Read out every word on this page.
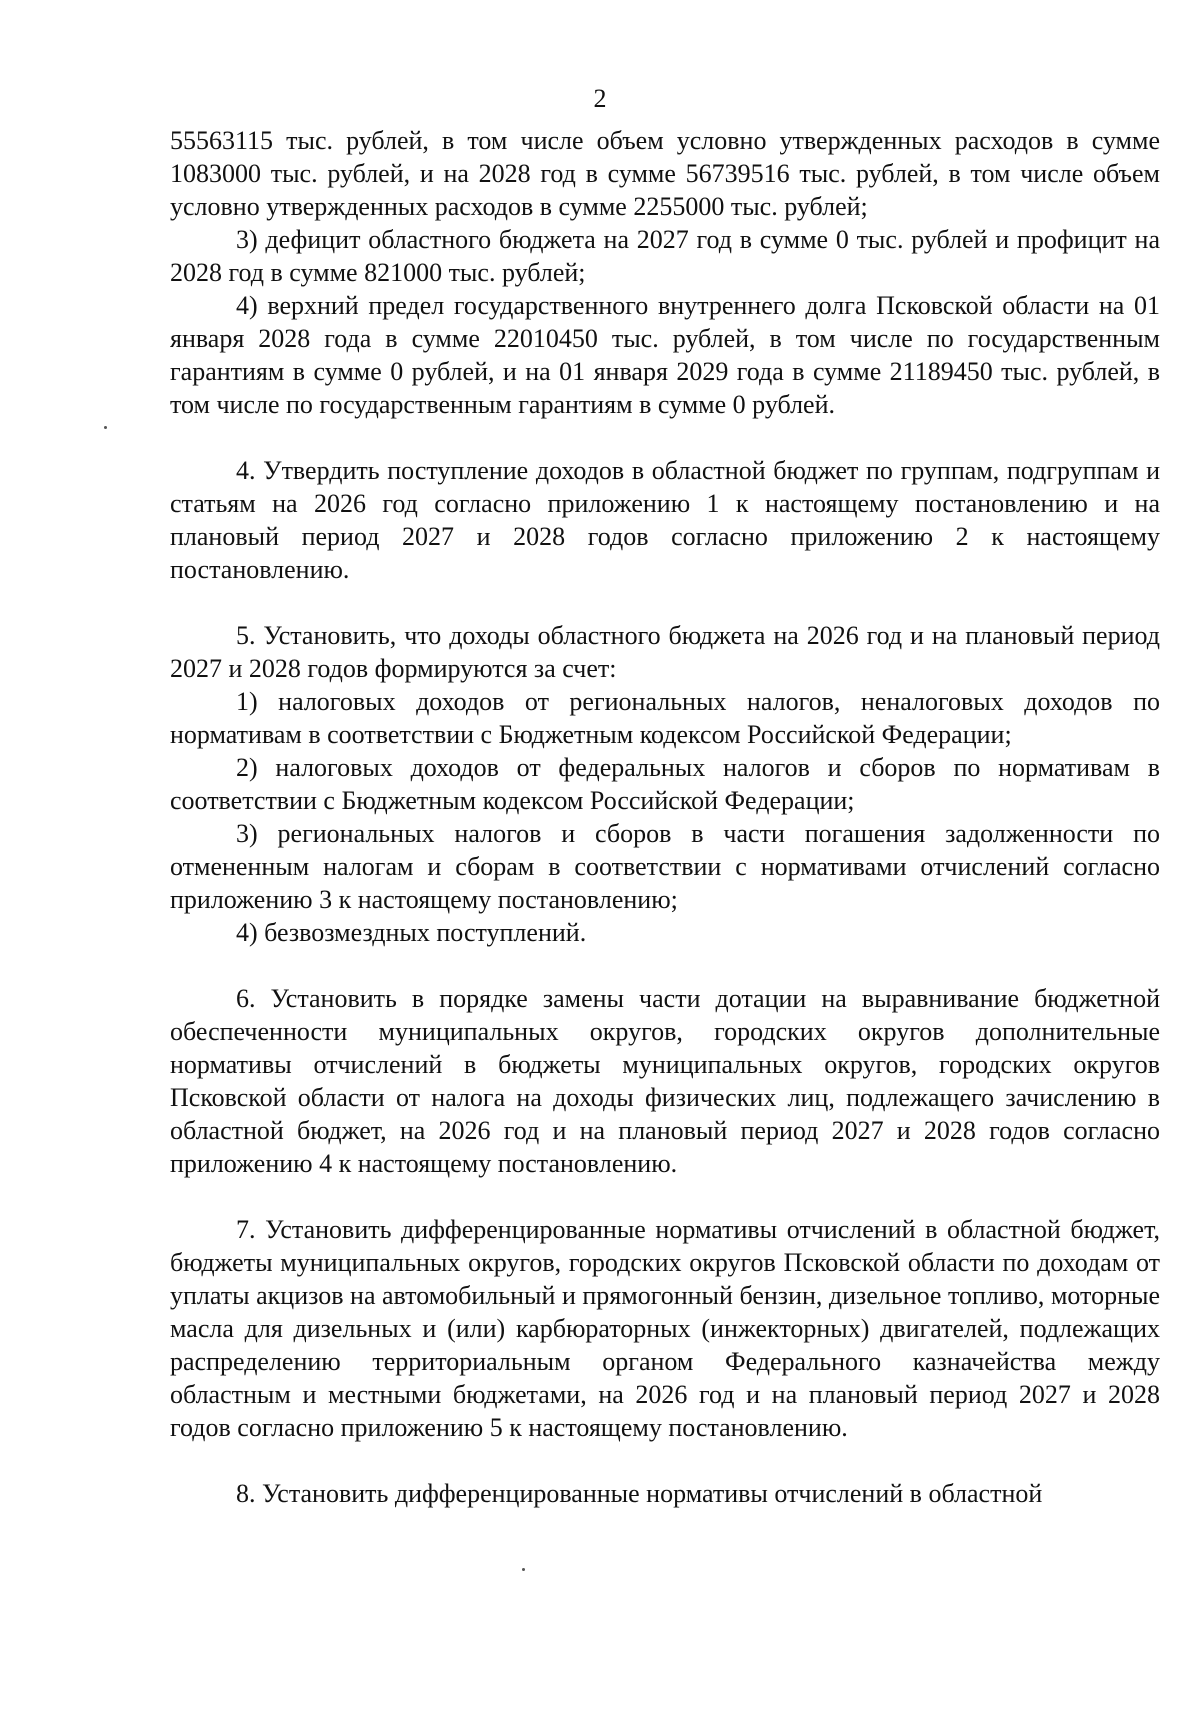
2

55563115 тыс. рублей, в том числе объем условно утвержденных расходов в сумме 1083000 тыс. рублей, и на 2028 год в сумме 56739516 тыс. рублей, в том числе объем условно утвержденных расходов в сумме 2255000 тыс. рублей;

3) дефицит областного бюджета на 2027 год в сумме 0 тыс. рублей и профицит на 2028 год в сумме 821000 тыс. рублей;

4) верхний предел государственного внутреннего долга Псковской области на 01 января 2028 года в сумме 22010450 тыс. рублей, в том числе по государственным гарантиям в сумме 0 рублей, и на 01 января 2029 года в сумме 21189450 тыс. рублей, в том числе по государственным гарантиям в сумме 0 рублей.

4. Утвердить поступление доходов в областной бюджет по группам, подгруппам и статьям на 2026 год согласно приложению 1 к настоящему постановлению и на плановый период 2027 и 2028 годов согласно приложению 2 к настоящему постановлению.

5. Установить, что доходы областного бюджета на 2026 год и на плановый период 2027 и 2028 годов формируются за счет:

1) налоговых доходов от региональных налогов, неналоговых доходов по нормативам в соответствии с Бюджетным кодексом Российской Федерации;

2) налоговых доходов от федеральных налогов и сборов по нормативам в соответствии с Бюджетным кодексом Российской Федерации;

3) региональных налогов и сборов в части погашения задолженности по отмененным налогам и сборам в соответствии с нормативами отчислений согласно приложению 3 к настоящему постановлению;

4) безвозмездных поступлений.

6. Установить в порядке замены части дотации на выравнивание бюджетной обеспеченности муниципальных округов, городских округов дополнительные нормативы отчислений в бюджеты муниципальных округов, городских округов Псковской области от налога на доходы физических лиц, подлежащего зачислению в областной бюджет, на 2026 год и на плановый период 2027 и 2028 годов согласно приложению 4 к настоящему постановлению.

7. Установить дифференцированные нормативы отчислений в областной бюджет, бюджеты муниципальных округов, городских округов Псковской области по доходам от уплаты акцизов на автомобильный и прямогонный бензин, дизельное топливо, моторные масла для дизельных и (или) карбюраторных (инжекторных) двигателей, подлежащих распределению территориальным органом Федерального казначейства между областным и местными бюджетами, на 2026 год и на плановый период 2027 и 2028 годов согласно приложению 5 к настоящему постановлению.

8. Установить дифференцированные нормативы отчислений в областной
